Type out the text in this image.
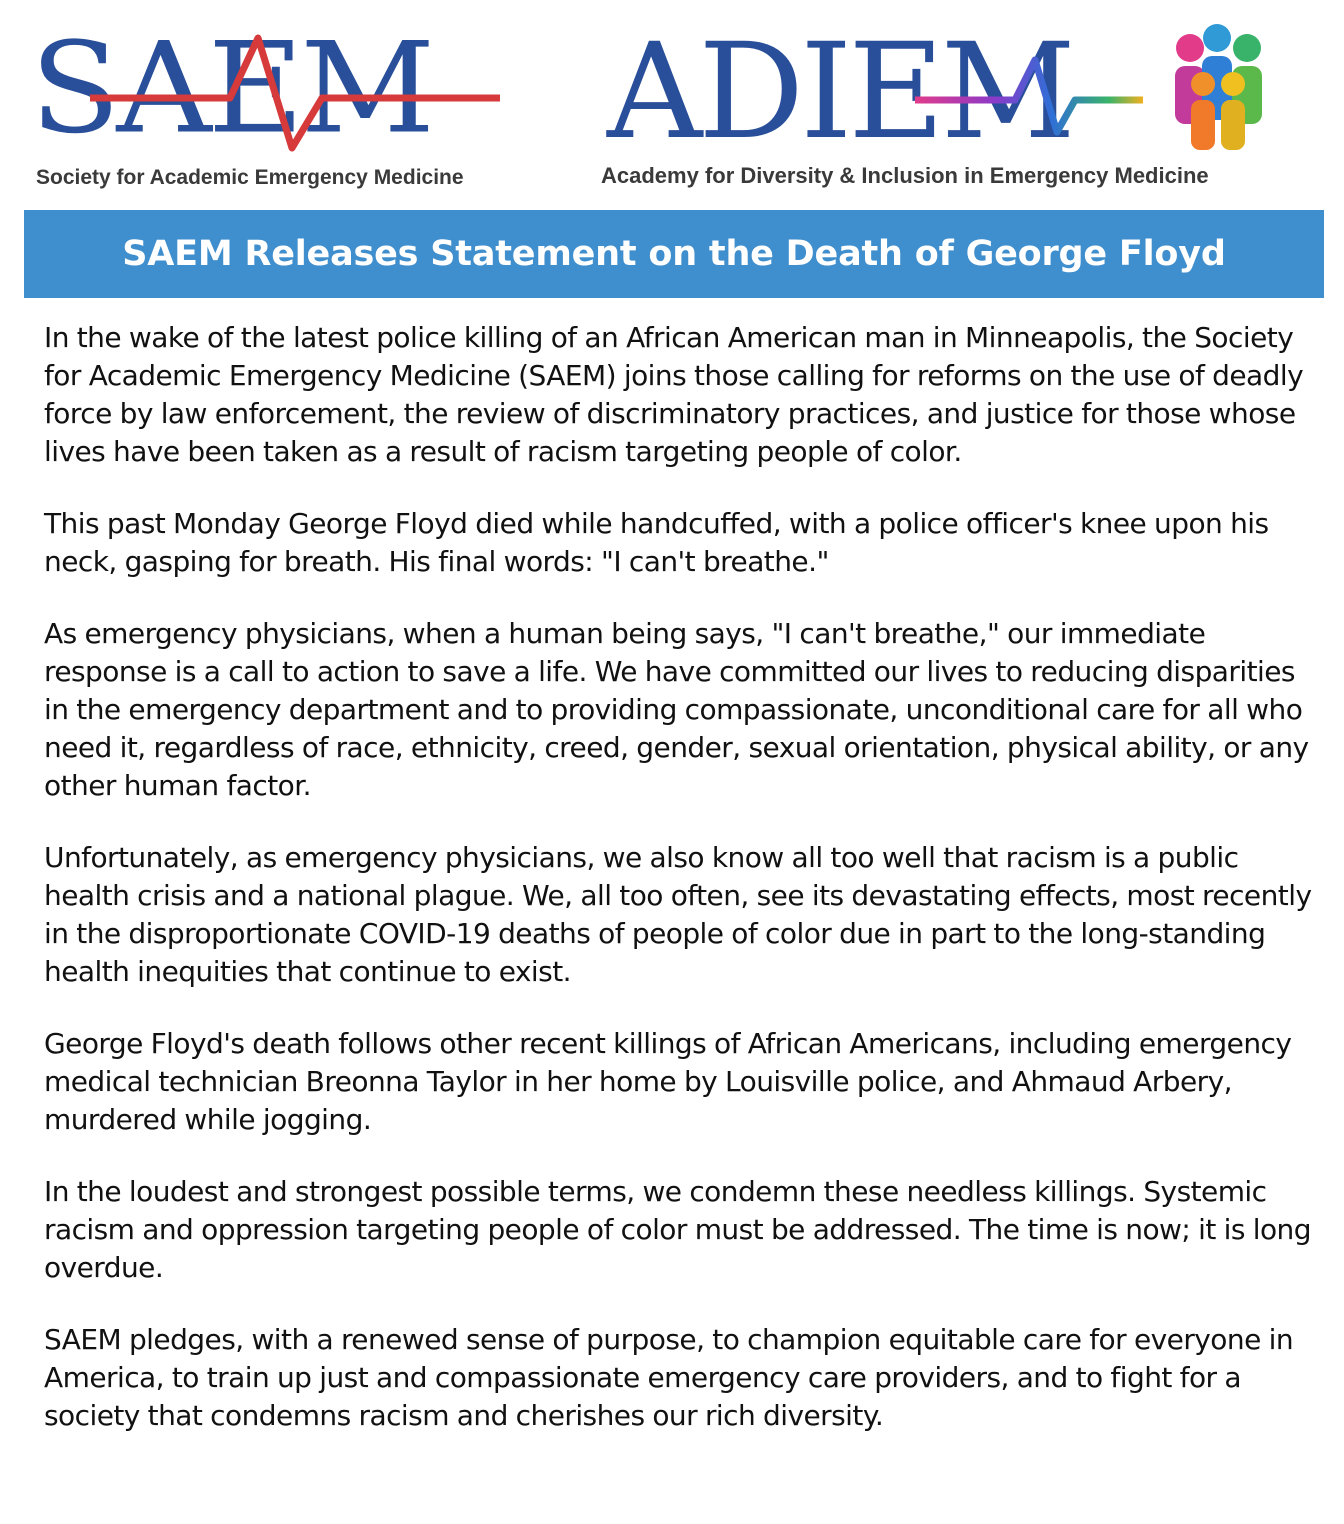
SAEM
Society for Academic Emergency Medicine
ADIEM
Academy for Diversity & Inclusion in Emergency Medicine
SAEM Releases Statement on the Death of George Floyd

In the wake of the latest police killing of an African American man in Minneapolis, the Society for Academic Emergency Medicine (SAEM) joins those calling for reforms on the use of deadly force by law enforcement, the review of discriminatory practices, and justice for those whose lives have been taken as a result of racism targeting people of color.

This past Monday George Floyd died while handcuffed, with a police officer's knee upon his neck, gasping for breath. His final words: "I can't breathe."

As emergency physicians, when a human being says, "I can't breathe," our immediate response is a call to action to save a life. We have committed our lives to reducing disparities in the emergency department and to providing compassionate, unconditional care for all who need it, regardless of race, ethnicity, creed, gender, sexual orientation, physical ability, or any other human factor.

Unfortunately, as emergency physicians, we also know all too well that racism is a public health crisis and a national plague. We, all too often, see its devastating effects, most recently in the disproportionate COVID-19 deaths of people of color due in part to the long-standing health inequities that continue to exist.

George Floyd's death follows other recent killings of African Americans, including emergency medical technician Breonna Taylor in her home by Louisville police, and Ahmaud Arbery, murdered while jogging.

In the loudest and strongest possible terms, we condemn these needless killings. Systemic racism and oppression targeting people of color must be addressed. The time is now; it is long overdue.

SAEM pledges, with a renewed sense of purpose, to champion equitable care for everyone in America, to train up just and compassionate emergency care providers, and to fight for a society that condemns racism and cherishes our rich diversity.
